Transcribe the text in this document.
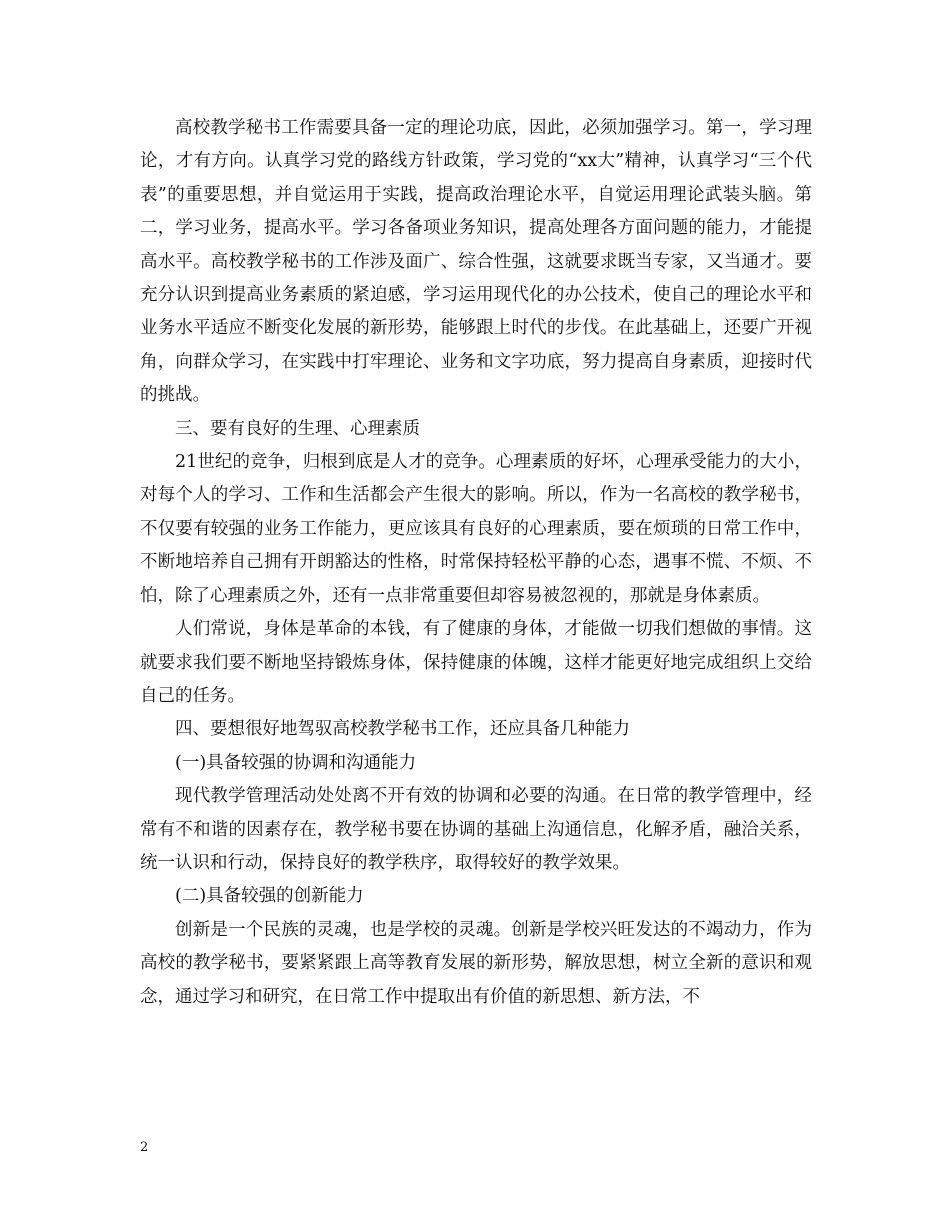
高校教学秘书工作需要具备一定的理论功底，因此，必须加强学习。第一，学习理论，才有方向。认真学习党的路线方针政策，学习党的“xx大”精神，认真学习“三个代表”的重要思想，并自觉运用于实践，提高政治理论水平，自觉运用理论武装头脑。第二，学习业务，提高水平。学习各备项业务知识，提高处理各方面问题的能力，才能提高水平。高校教学秘书的工作涉及面广、综合性强，这就要求既当专家，又当通才。要充分认识到提高业务素质的紧迫感，学习运用现代化的办公技术，使自己的理论水平和业务水平适应不断变化发展的新形势，能够跟上时代的步伐。在此基础上，还要广开视角，向群众学习，在实践中打牢理论、业务和文字功底，努力提高自身素质，迎接时代的挑战。

三、要有良好的生理、心理素质

21世纪的竞争，归根到底是人才的竞争。心理素质的好坏，心理承受能力的大小，对每个人的学习、工作和生活都会产生很大的影响。所以，作为一名高校的教学秘书，不仅要有较强的业务工作能力，更应该具有良好的心理素质，要在烦琐的日常工作中，不断地培养自己拥有开朗豁达的性格，时常保持轻松平静的心态，遇事不慌、不烦、不怕，除了心理素质之外，还有一点非常重要但却容易被忽视的，那就是身体素质。

人们常说，身体是革命的本钱，有了健康的身体，才能做一切我们想做的事情。这就要求我们要不断地坚持锻炼身体，保持健康的体魄，这样才能更好地完成组织上交给自己的任务。

四、要想很好地驾驭高校教学秘书工作，还应具备几种能力

(一)具备较强的协调和沟通能力

现代教学管理活动处处离不开有效的协调和必要的沟通。在日常的教学管理中，经常有不和谐的因素存在，教学秘书要在协调的基础上沟通信息，化解矛盾，融洽关系，统一认识和行动，保持良好的教学秩序，取得较好的教学效果。

(二)具备较强的创新能力

创新是一个民族的灵魂，也是学校的灵魂。创新是学校兴旺发达的不竭动力，作为高校的教学秘书，要紧紧跟上高等教育发展的新形势，解放思想，树立全新的意识和观念，通过学习和研究，在日常工作中提取出有价值的新思想、新方法，不

2
